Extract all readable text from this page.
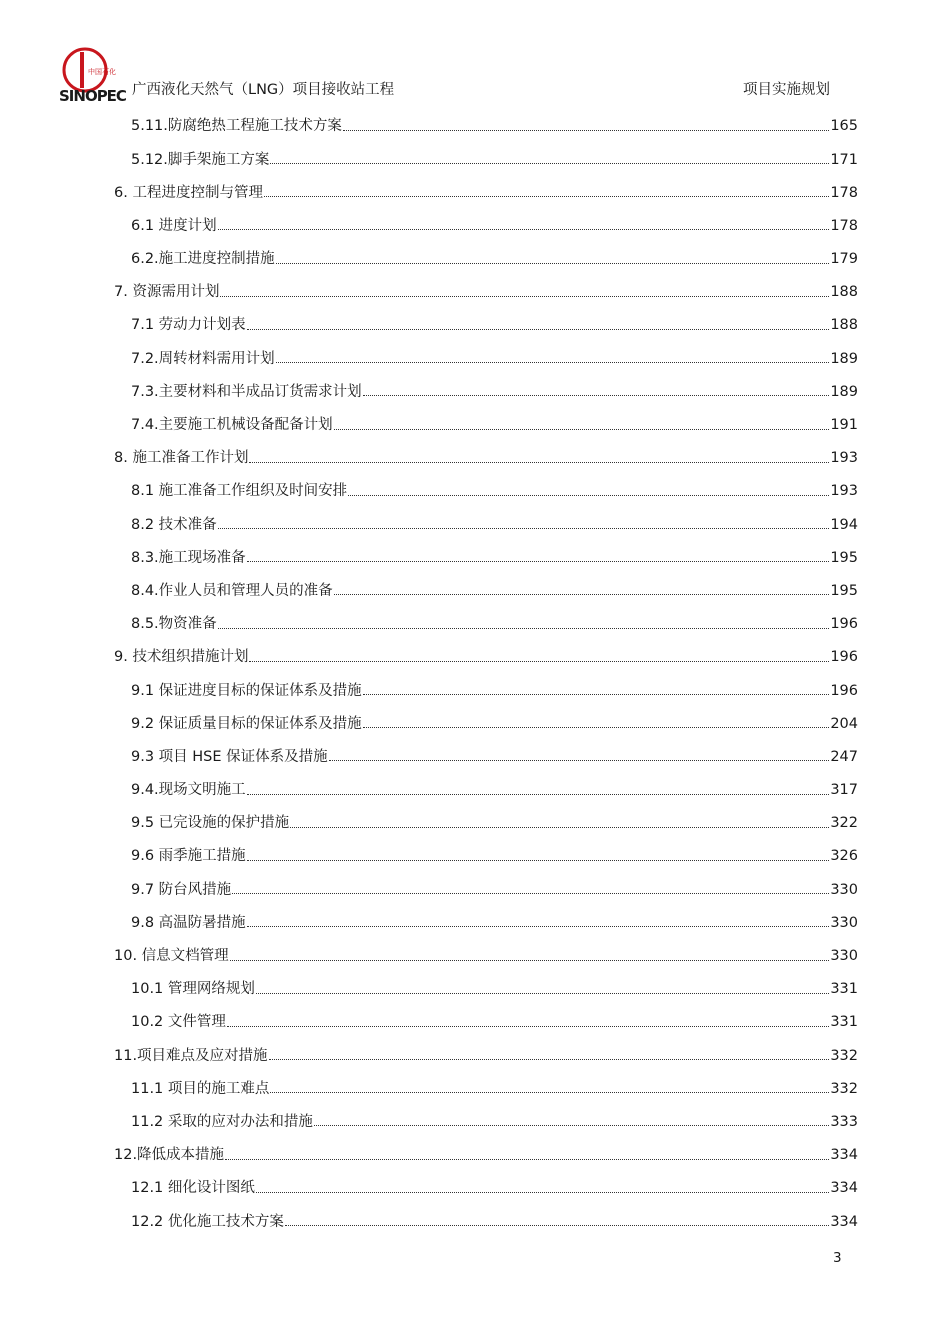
中国石化
SINOPEC 广西液化天然气（LNG）项目接收站工程	项目实施规划
5.11.防腐绝热工程施工技术方案	165
5.12.脚手架施工方案	171
6. 工程进度控制与管理	178
6.1 进度计划	178
6.2.施工进度控制措施	179
7. 资源需用计划	188
7.1 劳动力计划表	188
7.2.周转材料需用计划	189
7.3.主要材料和半成品订货需求计划	189
7.4.主要施工机械设备配备计划	191
8. 施工准备工作计划	193
8.1 施工准备工作组织及时间安排	193
8.2 技术准备	194
8.3.施工现场准备	195
8.4.作业人员和管理人员的准备	195
8.5.物资准备	196
9. 技术组织措施计划	196
9.1 保证进度目标的保证体系及措施	196
9.2 保证质量目标的保证体系及措施	204
9.3 项目 HSE 保证体系及措施	247
9.4.现场文明施工	317
9.5 已完设施的保护措施	322
9.6 雨季施工措施	326
9.7 防台风措施	330
9.8 高温防暑措施	330
10. 信息文档管理	330
10.1 管理网络规划	331
10.2 文件管理	331
11.项目难点及应对措施	332
11.1 项目的施工难点	332
11.2 采取的应对办法和措施	333
12.降低成本措施	334
12.1 细化设计图纸	334
12.2 优化施工技术方案	334
3
